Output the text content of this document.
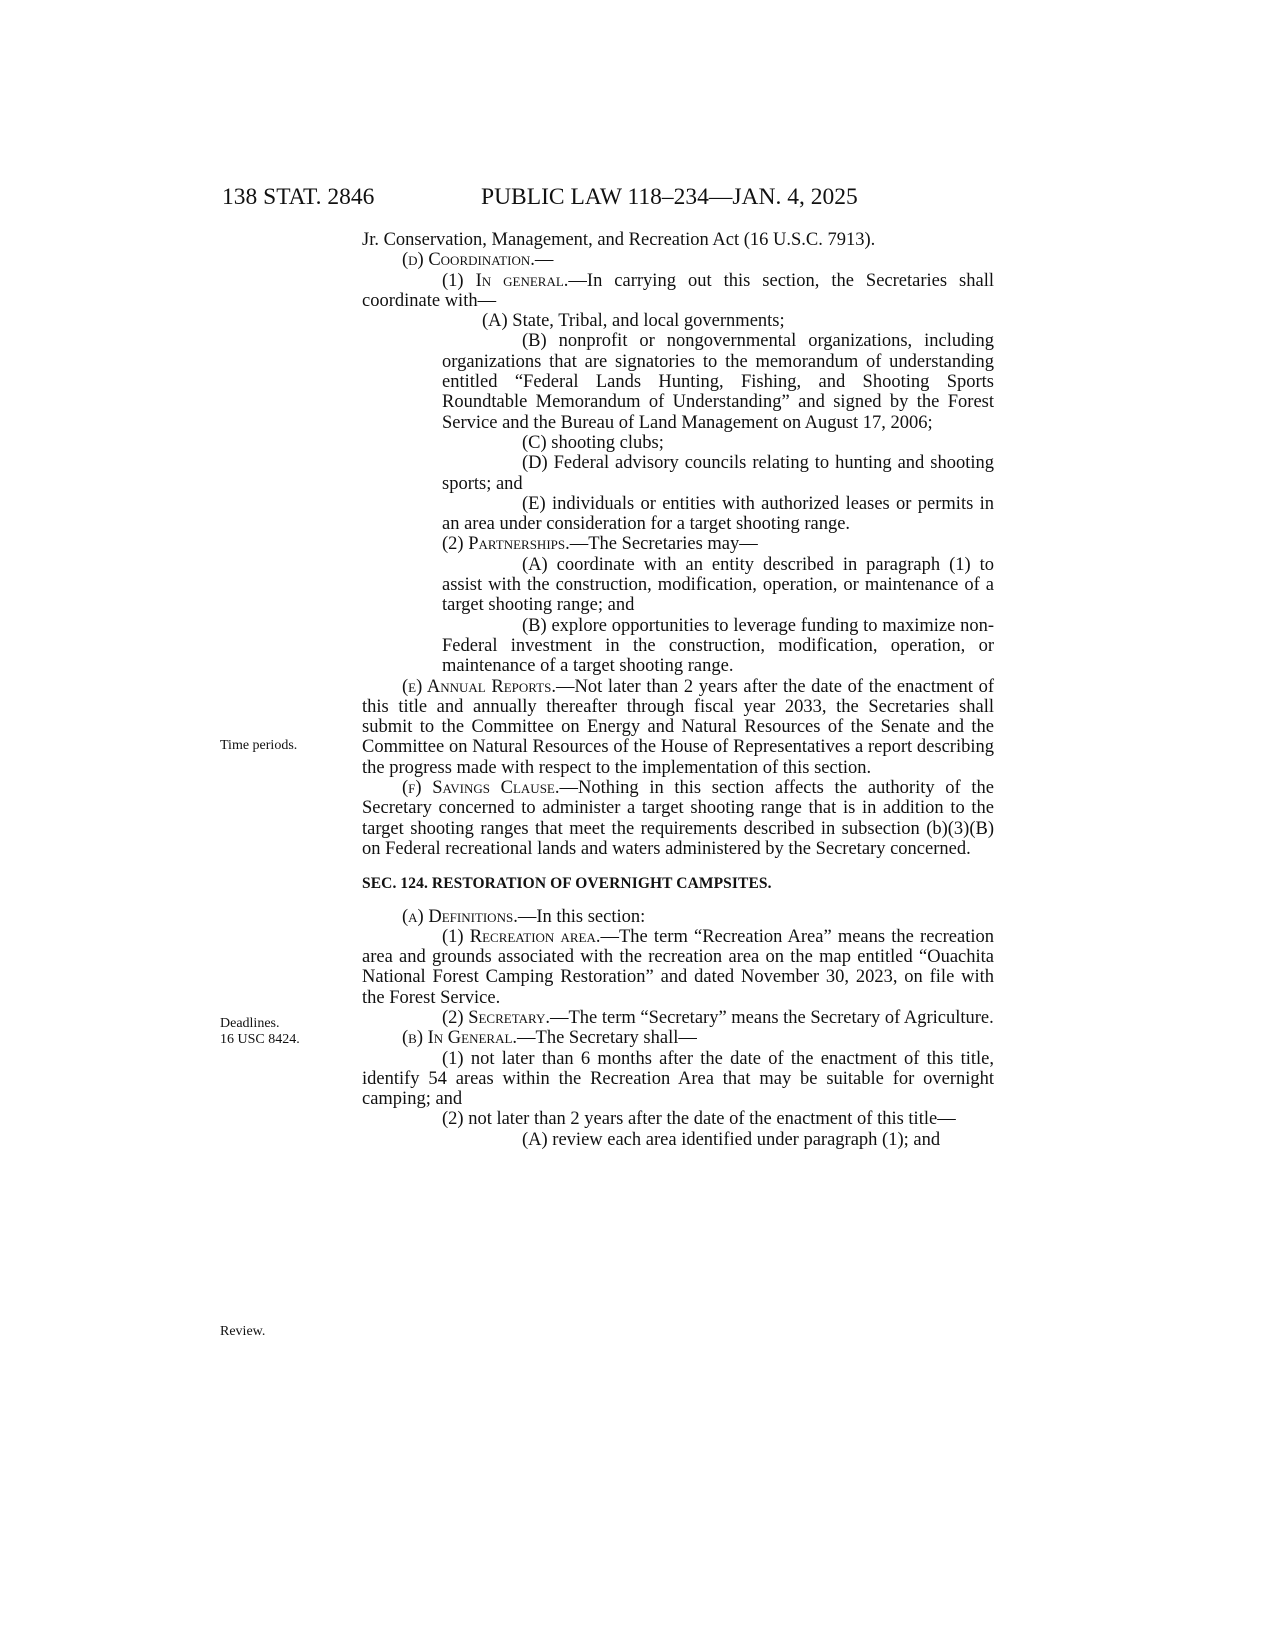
138 STAT. 2846	PUBLIC LAW 118–234—JAN. 4, 2025
Time periods.
Deadlines.
16 USC 8424.
Review.

Jr. Conservation, Management, and Recreation Act (16 U.S.C. 7913).

(d) Coordination.—

(1) In general.—In carrying out this section, the Secretaries shall coordinate with—

(A) State, Tribal, and local governments;

(B) nonprofit or nongovernmental organizations, including organizations that are signatories to the memorandum of understanding entitled “Federal Lands Hunting, Fishing, and Shooting Sports Roundtable Memorandum of Understanding” and signed by the Forest Service and the Bureau of Land Management on August 17, 2006;

(C) shooting clubs;

(D) Federal advisory councils relating to hunting and shooting sports; and

(E) individuals or entities with authorized leases or permits in an area under consideration for a target shooting range.

(2) Partnerships.—The Secretaries may—

(A) coordinate with an entity described in paragraph (1) to assist with the construction, modification, operation, or maintenance of a target shooting range; and

(B) explore opportunities to leverage funding to maximize non-Federal investment in the construction, modification, operation, or maintenance of a target shooting range.

(e) Annual Reports.—Not later than 2 years after the date of the enactment of this title and annually thereafter through fiscal year 2033, the Secretaries shall submit to the Committee on Energy and Natural Resources of the Senate and the Committee on Natural Resources of the House of Representatives a report describing the progress made with respect to the implementation of this section.

(f) Savings Clause.—Nothing in this section affects the authority of the Secretary concerned to administer a target shooting range that is in addition to the target shooting ranges that meet the requirements described in subsection (b)(3)(B) on Federal recreational lands and waters administered by the Secretary concerned.

SEC. 124. RESTORATION OF OVERNIGHT CAMPSITES.

(a) Definitions.—In this section:

(1) Recreation area.—The term “Recreation Area” means the recreation area and grounds associated with the recreation area on the map entitled “Ouachita National Forest Camping Restoration” and dated November 30, 2023, on file with the Forest Service.

(2) Secretary.—The term “Secretary” means the Secretary of Agriculture.

(b) In General.—The Secretary shall—

(1) not later than 6 months after the date of the enactment of this title, identify 54 areas within the Recreation Area that may be suitable for overnight camping; and

(2) not later than 2 years after the date of the enactment of this title—

(A) review each area identified under paragraph (1); and
